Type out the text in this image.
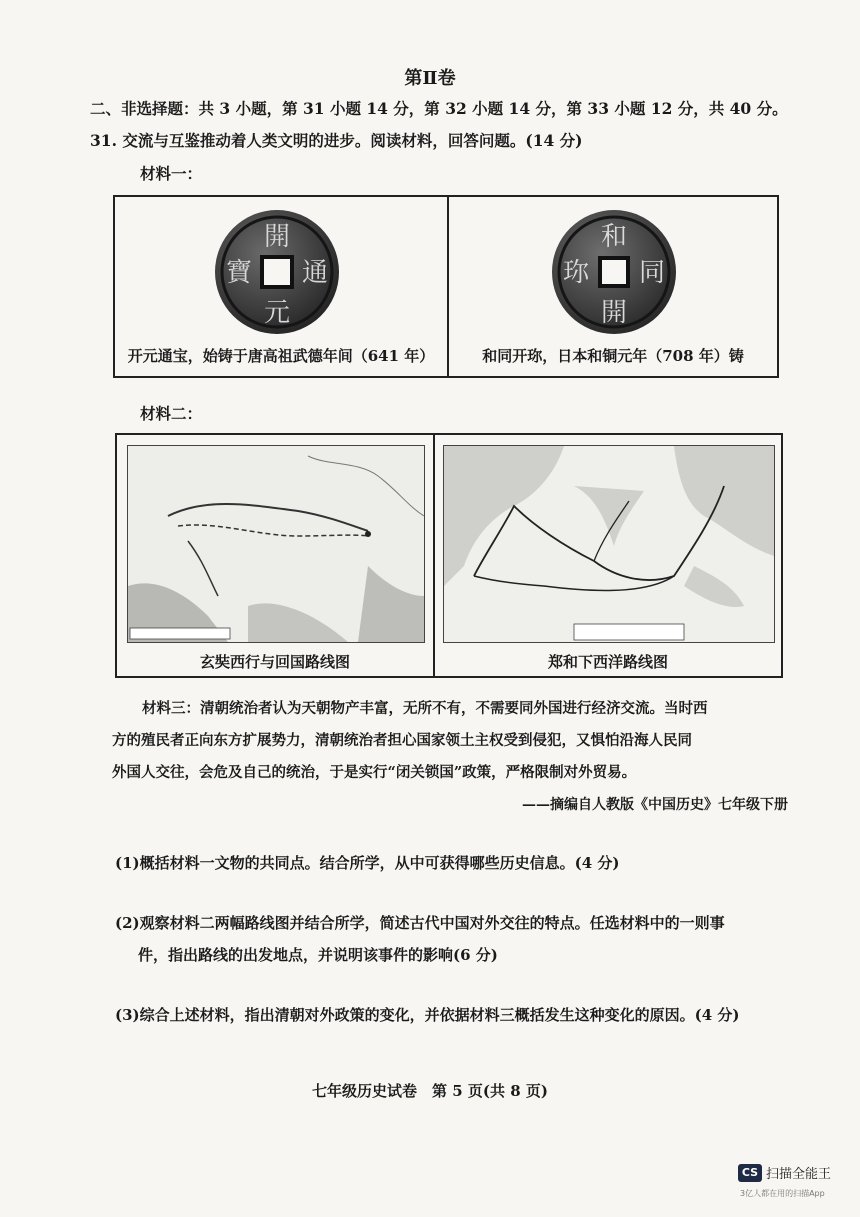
第Ⅱ卷
二、非选择题：共 3 小题，第 31 小题 14 分，第 32 小题 14 分，第 33 小题 12 分，共 40 分。
31. 交流与互鉴推动着人类文明的进步。阅读材料，回答问题。(14 分)
材料一：
開
通
元
寶
开元通宝，始铸于唐高祖武德年间（641 年）
和
同
開
珎
和同开珎，日本和铜元年（708 年）铸
材料二：
玄奘西行与回国路线图	郑和下西洋路线图
材料三：清朝统治者认为天朝物产丰富，无所不有，不需要同外国进行经济交流。当时西
方的殖民者正向东方扩展势力，清朝统治者担心国家领土主权受到侵犯，又惧怕沿海人民同
外国人交往，会危及自己的统治，于是实行“闭关锁国”政策，严格限制对外贸易。
——摘编自人教版《中国历史》七年级下册
(1)概括材料一文物的共同点。结合所学，从中可获得哪些历史信息。(4 分)
(2)观察材料二两幅路线图并结合所学，简述古代中国对外交往的特点。任选材料中的一则事
件，指出路线的出发地点，并说明该事件的影响(6 分)
(3)综合上述材料，指出清朝对外政策的变化，并依据材料三概括发生这种变化的原因。(4 分)
七年级历史试卷　第 5 页(共 8 页)
CS 扫描全能王
3亿人都在用的扫描App
